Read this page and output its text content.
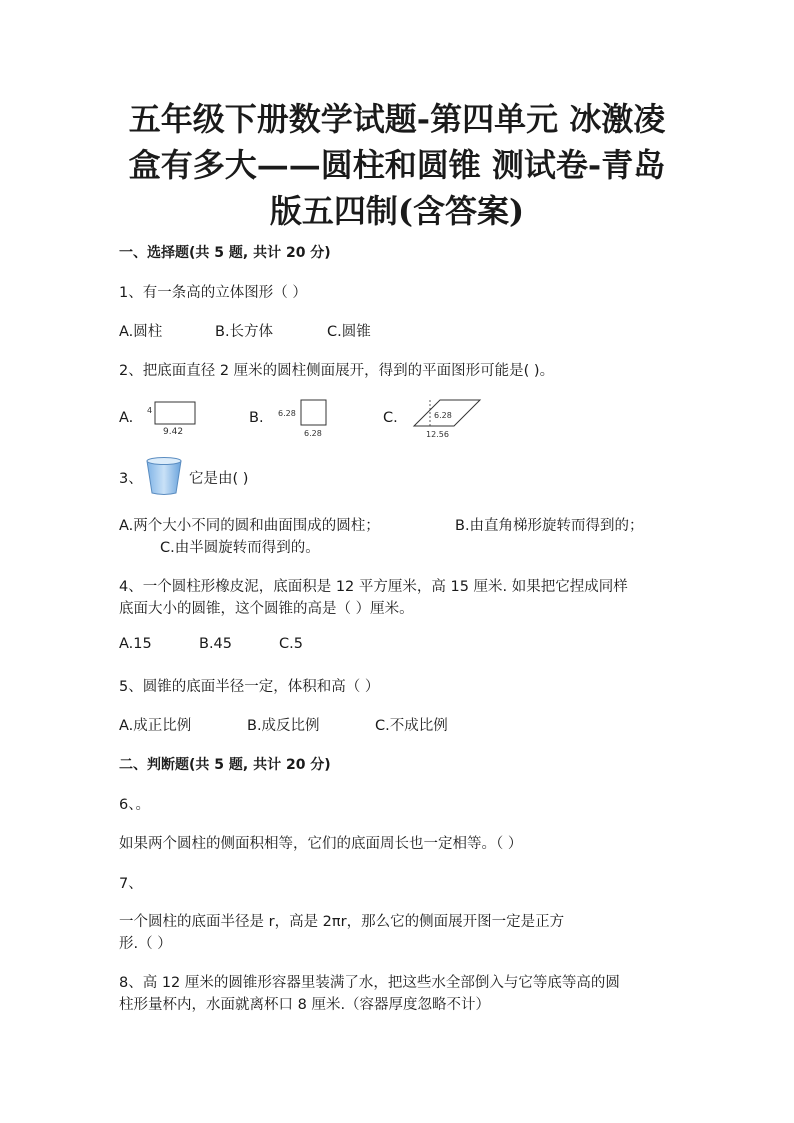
五年级下册数学试题-第四单元 冰激凌
盒有多大——圆柱和圆锥 测试卷-青岛
版五四制(含答案)
一、选择题(共 5 题, 共计 20 分)
1、有一条高的立体图形（ ）
A.圆柱	B.长方体	C.圆锥
2、把底面直径 2 厘米的圆柱侧面展开，得到的平面图形可能是( )。
A. 4
9.42
B. 6.28
6.28
C.	6.28
12.56
3、	它是由( )
A.两个大小不同的圆和曲面围成的圆柱；	B.由直角梯形旋转而得到的；
C.由半圆旋转而得到的。
4、一个圆柱形橡皮泥，底面积是 12 平方厘米，高 15 厘米. 如果把它捏成同样
底面大小的圆锥，这个圆锥的高是（ ）厘米。
A.15	B.45	C.5
5、圆锥的底面半径一定，体积和高（ ）
A.成正比例	B.成反比例	C.不成比例
二、判断题(共 5 题, 共计 20 分)
6、。
如果两个圆柱的侧面积相等，它们的底面周长也一定相等。（ ）
7、
一个圆柱的底面半径是 r，高是 2πr，那么它的侧面展开图一定是正方
形.（ ）
8、高 12 厘米的圆锥形容器里装满了水，把这些水全部倒入与它等底等高的圆
柱形量杯内，水面就离杯口 8 厘米.（容器厚度忽略不计）
